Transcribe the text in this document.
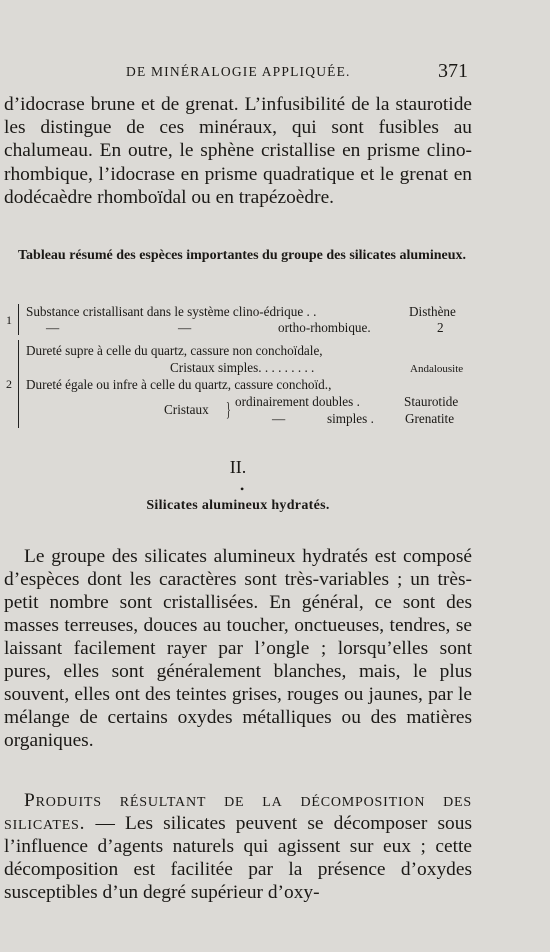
DE MINÉRALOGIE APPLIQUÉE.	371

d’idocrase brune et de grenat. L’infusibilité de la staurotide les distingue de ces minéraux, qui sont fusibles au chalumeau. En outre, le sphène cristallise en prisme clino-rhombique, l’idocrase en prisme quadratique et le grenat en dodécaèdre rhomboïdal ou en trapézoèdre.

Tableau résumé des espèces importantes du groupe des silicates alumineux.
1
Substance cristallisant dans le système clino-édrique . .	Disthène
—	—	ortho-rhombique.	2
Dureté supre à celle du quartz, cassure non conchoïdale,
Cristaux simples. . . . . . . . .	Andalousite
2 Dureté égale ou infre à celle du quartz, cassure conchoïd.,
Cristaux } ordinairement doubles .	Staurotide
—	simples . Grenatite
II.
•
Silicates alumineux hydratés.

Le groupe des silicates alumineux hydratés est composé d’espèces dont les caractères sont très-variables ; un très-petit nombre sont cristallisées. En général, ce sont des masses terreuses, douces au toucher, onctueuses, tendres, se laissant facilement rayer par l’ongle ; lorsqu’elles sont pures, elles sont généralement blanches, mais, le plus souvent, elles ont des teintes grises, rouges ou jaunes, par le mélange de certains oxydes métalliques ou des matières organiques.

Produits résultant de la décomposition des silicates. — Les silicates peuvent se décomposer sous l’influence d’agents naturels qui agissent sur eux ; cette décomposition est facilitée par la présence d’oxydes susceptibles d’un degré supérieur d’oxy-
